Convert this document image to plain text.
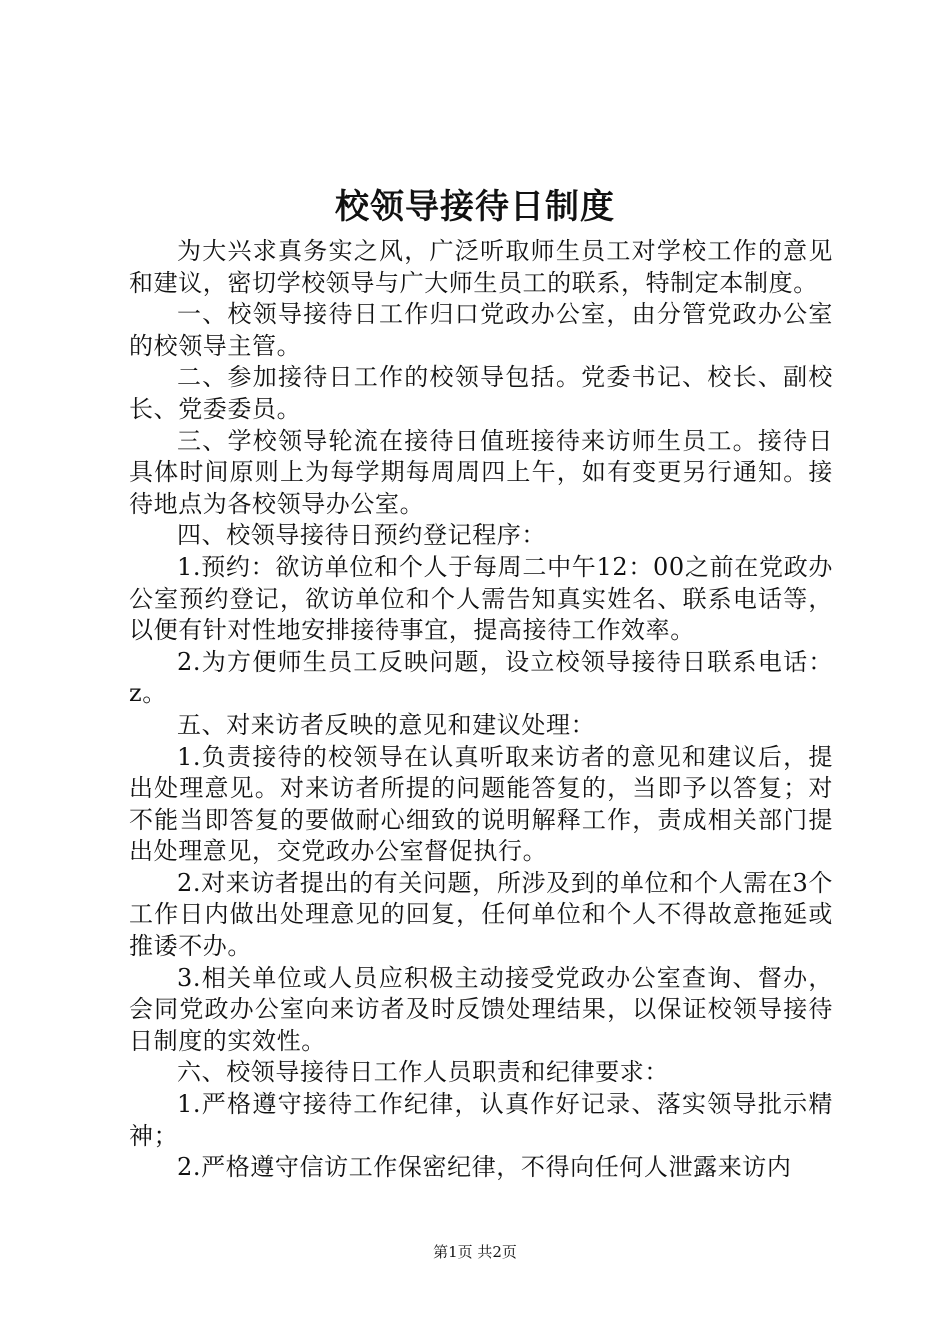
校领导接待日制度

为大兴求真务实之风，广泛听取师生员工对学校工作的意见和建议，密切学校领导与广大师生员工的联系，特制定本制度。

一、校领导接待日工作归口党政办公室，由分管党政办公室的校领导主管。

二、参加接待日工作的校领导包括。党委书记、校长、副校长、党委委员。

三、学校领导轮流在接待日值班接待来访师生员工。接待日具体时间原则上为每学期每周周四上午，如有变更另行通知。接待地点为各校领导办公室。

四、校领导接待日预约登记程序：

1.预约：欲访单位和个人于每周二中午12：00之前在党政办公室预约登记，欲访单位和个人需告知真实姓名、联系电话等，以便有针对性地安排接待事宜，提高接待工作效率。

2.为方便师生员工反映问题，设立校领导接待日联系电话：z。

五、对来访者反映的意见和建议处理：

1.负责接待的校领导在认真听取来访者的意见和建议后，提出处理意见。对来访者所提的问题能答复的，当即予以答复；对不能当即答复的要做耐心细致的说明解释工作，责成相关部门提出处理意见，交党政办公室督促执行。

2.对来访者提出的有关问题，所涉及到的单位和个人需在3个工作日内做出处理意见的回复，任何单位和个人不得故意拖延或推诿不办。

3.相关单位或人员应积极主动接受党政办公室查询、督办，会同党政办公室向来访者及时反馈处理结果，以保证校领导接待日制度的实效性。

六、校领导接待日工作人员职责和纪律要求：

1.严格遵守接待工作纪律，认真作好记录、落实领导批示精神；

2.严格遵守信访工作保密纪律，不得向任何人泄露来访内

第1页 共2页
